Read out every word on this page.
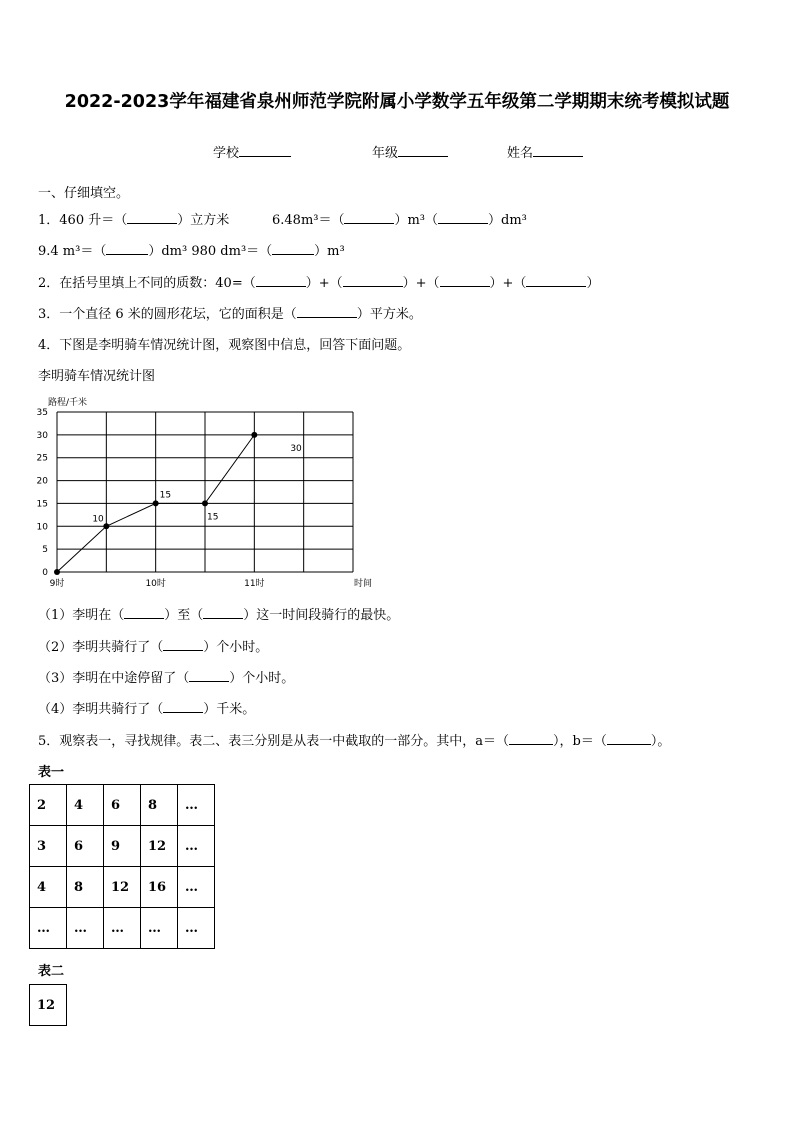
2022-2023学年福建省泉州师范学院附属小学数学五年级第二学期期末统考模拟试题
学校	年级	姓名
一、仔细填空。
1．460 升＝（	）立方米	6.48m³＝（	）m³（	）dm³
9.4 m³＝（	）dm³ 980 dm³＝（	）m³
2．在括号里填上不同的质数：40=（	）+（	）+（	）+（	）
3．一个直径 6 米的圆形花坛，它的面积是（	）平方米。
4．下图是李明骑车情况统计图，观察图中信息，回答下面问题。
李明骑车情况统计图
0
5
10
15
20
25
30
35
9时	10时	11时
10
15
15
30
路程/千米
时间
（1）李明在（	）至（	）这一时间段骑行的最快。
（2）李明共骑行了（	）个小时。
（3）李明在中途停留了（	）个小时。
（4）李明共骑行了（	）千米。
5．观察表一，寻找规律。表二、表三分别是从表一中截取的一部分。其中，a＝（	），b＝（	）。
表一
2	4	6	8	…
3	6	9	12	…
4	8	12	16	…
…	…	…	…	…
表二
12
